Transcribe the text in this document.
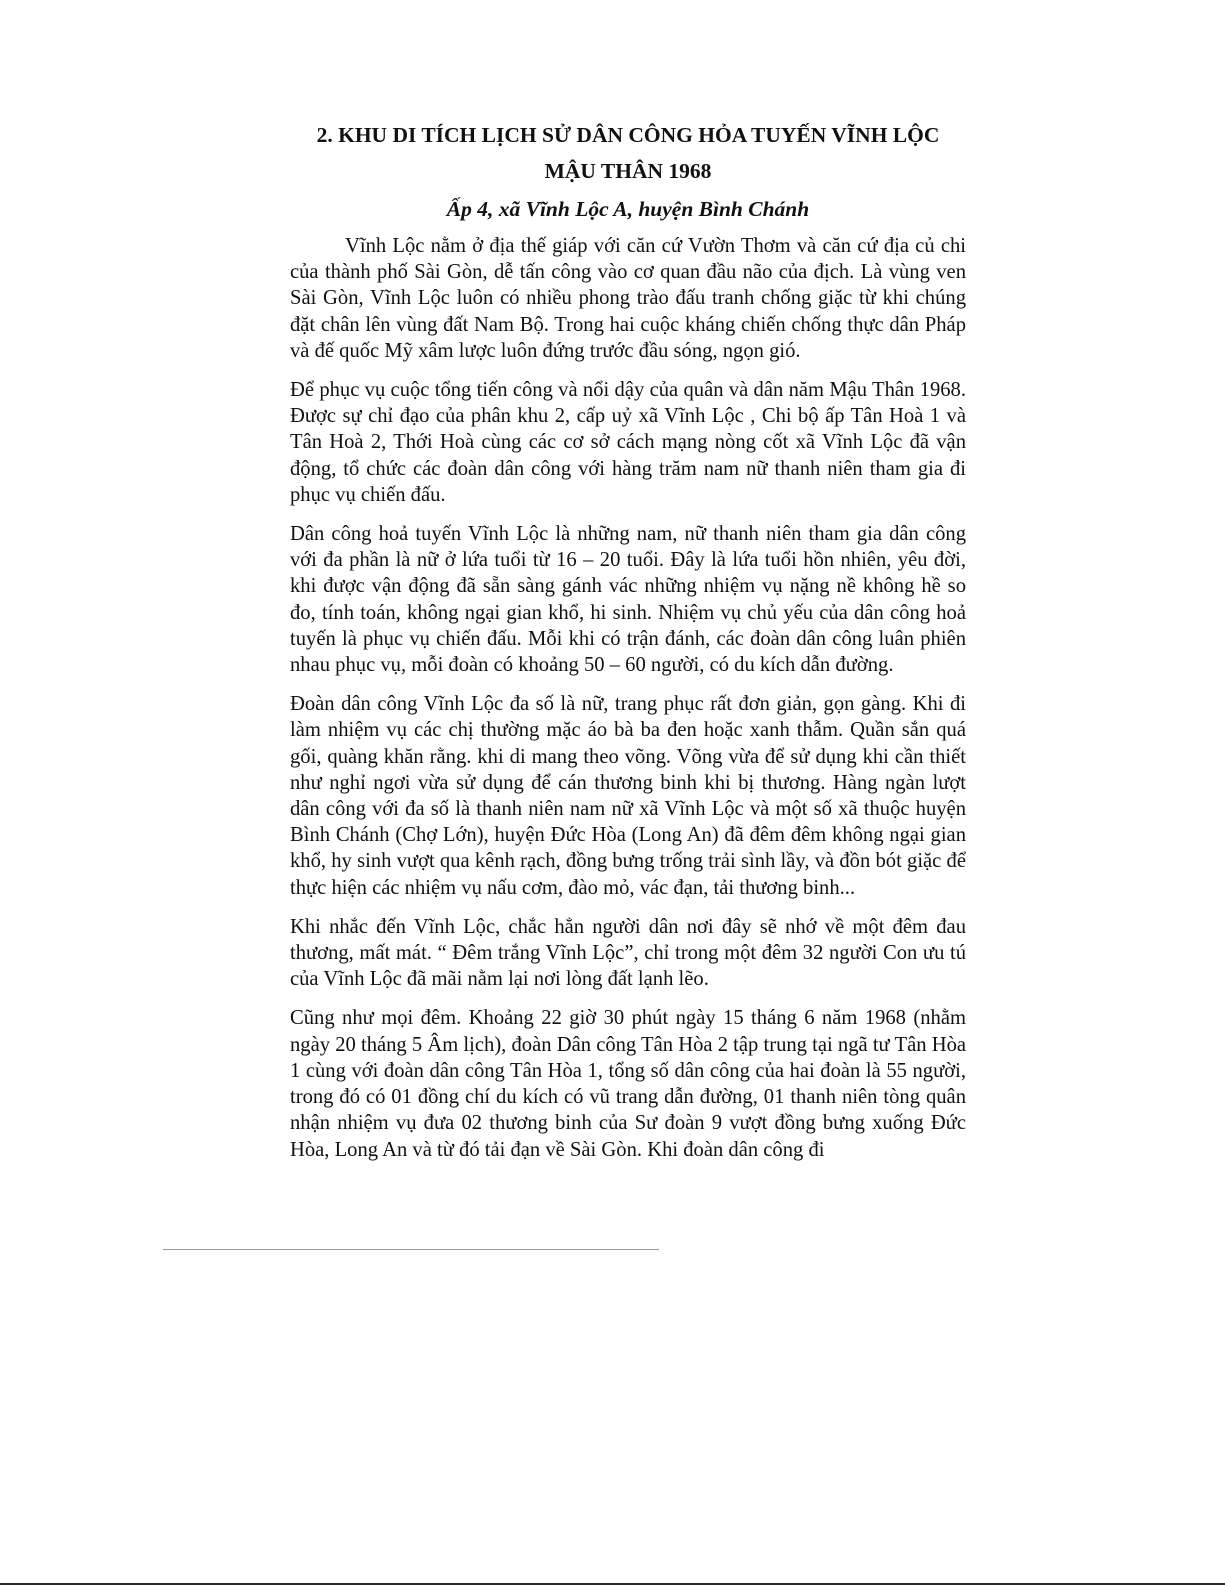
2. KHU DI TÍCH LỊCH SỬ DÂN CÔNG HỎA TUYẾN VĨNH LỘC
MẬU THÂN 1968
Ấp 4, xã Vĩnh Lộc A, huyện Bình Chánh

Vĩnh Lộc nằm ở địa thế giáp với căn cứ Vườn Thơm và căn cứ địa củ chi của thành phố Sài Gòn, dễ tấn công vào cơ quan đầu não của địch. Là vùng ven Sài Gòn, Vĩnh Lộc luôn có nhiều phong trào đấu tranh chống giặc từ khi chúng đặt chân lên vùng đất Nam Bộ. Trong hai cuộc kháng chiến chống thực dân Pháp và đế quốc Mỹ xâm lược luôn đứng trước đầu sóng, ngọn gió.

Để phục vụ cuộc tổng tiến công và nổi dậy của quân và dân năm Mậu Thân 1968. Được sự chỉ đạo của phân khu 2, cấp uỷ xã Vĩnh Lộc , Chi bộ ấp Tân Hoà 1 và Tân Hoà 2, Thới Hoà cùng các cơ sở cách mạng nòng cốt xã Vĩnh Lộc đã vận động, tổ chức các đoàn dân công với hàng trăm nam nữ thanh niên tham gia đi phục vụ chiến đấu.

Dân công hoả tuyến Vĩnh Lộc là những nam, nữ thanh niên tham gia dân công với đa phần là nữ ở lứa tuổi từ 16 – 20 tuổi. Đây là lứa tuổi hồn nhiên, yêu đời, khi được vận động đã sẵn sàng gánh vác những nhiệm vụ nặng nề không hề so đo, tính toán, không ngại gian khổ, hi sinh. Nhiệm vụ chủ yếu của dân công hoả tuyến là phục vụ chiến đấu. Mỗi khi có trận đánh, các đoàn dân công luân phiên nhau phục vụ, mỗi đoàn có khoảng 50 – 60 người, có du kích dẫn đường.

Đoàn dân công Vĩnh Lộc đa số là nữ, trang phục rất đơn giản, gọn gàng. Khi đi làm nhiệm vụ các chị thường mặc áo bà ba đen hoặc xanh thẫm. Quần sắn quá gối, quàng khăn rằng. khi di mang theo võng. Võng vừa để sử dụng khi cần thiết như nghỉ ngơi vừa sử dụng để cán thương binh khi bị thương. Hàng ngàn lượt dân công với đa số là thanh niên nam nữ xã Vĩnh Lộc và một số xã thuộc huyện Bình Chánh (Chợ Lớn), huyện Đức Hòa (Long An) đã đêm đêm không ngại gian khổ, hy sinh vượt qua kênh rạch, đồng bưng trống trải sình lầy, và đồn bót giặc để thực hiện các nhiệm vụ nấu cơm, đào mỏ, vác đạn, tải thương binh...

Khi nhắc đến Vĩnh Lộc, chắc hẳn người dân nơi đây sẽ nhớ về một đêm đau thương, mất mát. “ Đêm trắng Vĩnh Lộc”, chỉ trong một đêm 32 người Con ưu tú của Vĩnh Lộc đã mãi nằm lại nơi lòng đất lạnh lẽo.

Cũng như mọi đêm. Khoảng 22 giờ 30 phút ngày 15 tháng 6 năm 1968 (nhằm ngày 20 tháng 5 Âm lịch), đoàn Dân công Tân Hòa 2 tập trung tại ngã tư Tân Hòa 1 cùng với đoàn dân công Tân Hòa 1, tổng số dân công của hai đoàn là 55 người, trong đó có 01 đồng chí du kích có vũ trang dẫn đường, 01 thanh niên tòng quân nhận nhiệm vụ đưa 02 thương binh của Sư đoàn 9 vượt đồng bưng xuống Đức Hòa, Long An và từ đó tải đạn về Sài Gòn. Khi đoàn dân công đi
